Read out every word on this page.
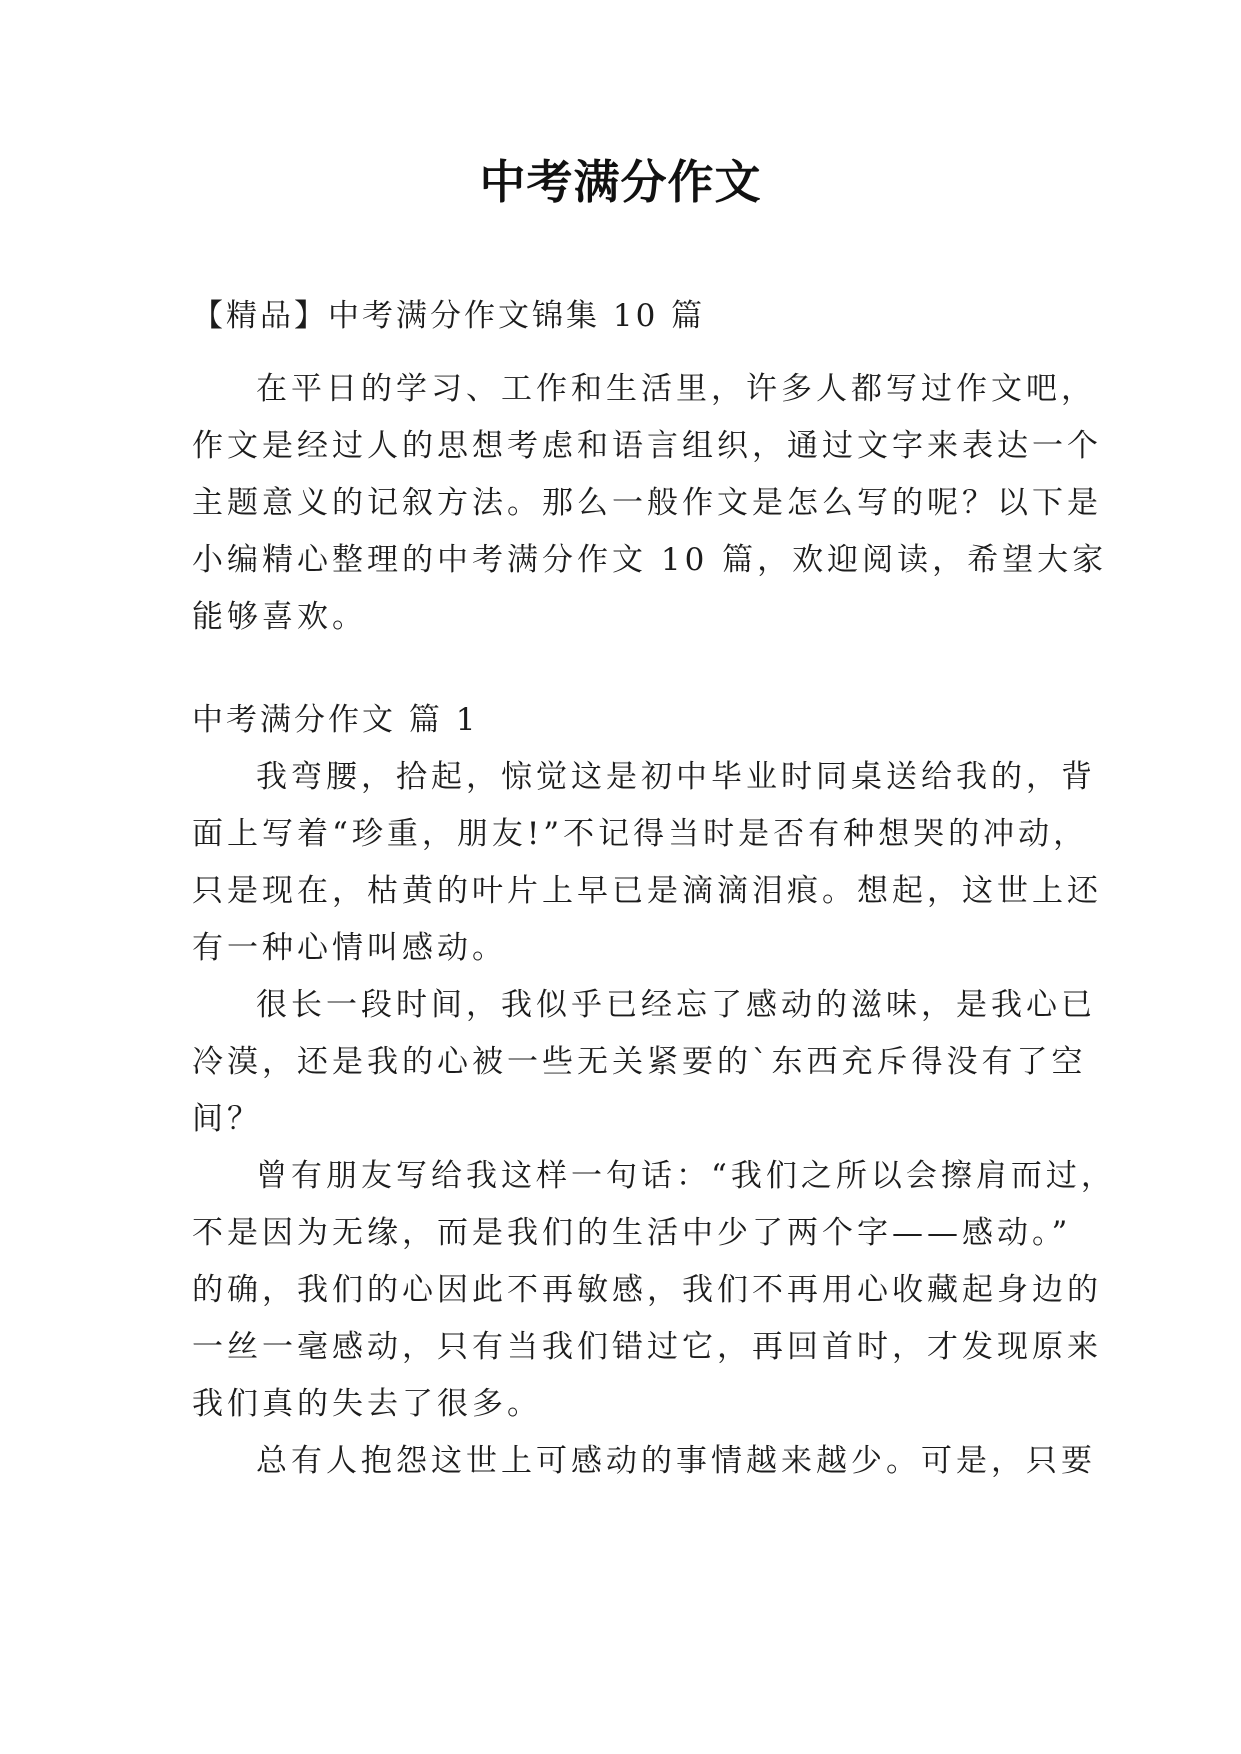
中考满分作文
【精品】中考满分作文锦集 10 篇
在平日的学习、工作和生活里，许多人都写过作文吧，
作文是经过人的思想考虑和语言组织，通过文字来表达一个
主题意义的记叙方法。那么一般作文是怎么写的呢？以下是
小编精心整理的中考满分作文 10 篇，欢迎阅读，希望大家
能够喜欢。
中考满分作文 篇 1
我弯腰，拾起，惊觉这是初中毕业时同桌送给我的，背
面上写着“珍重，朋友!”不记得当时是否有种想哭的冲动，
只是现在，枯黄的叶片上早已是滴滴泪痕。想起，这世上还
有一种心情叫感动。
很长一段时间，我似乎已经忘了感动的滋味，是我心已
冷漠，还是我的心被一些无关紧要的`东西充斥得没有了空
间？
曾有朋友写给我这样一句话：“我们之所以会擦肩而过，
不是因为无缘，而是我们的生活中少了两个字——感动。”
的确，我们的心因此不再敏感，我们不再用心收藏起身边的
一丝一毫感动，只有当我们错过它，再回首时，才发现原来
我们真的失去了很多。
总有人抱怨这世上可感动的事情越来越少。可是，只要
